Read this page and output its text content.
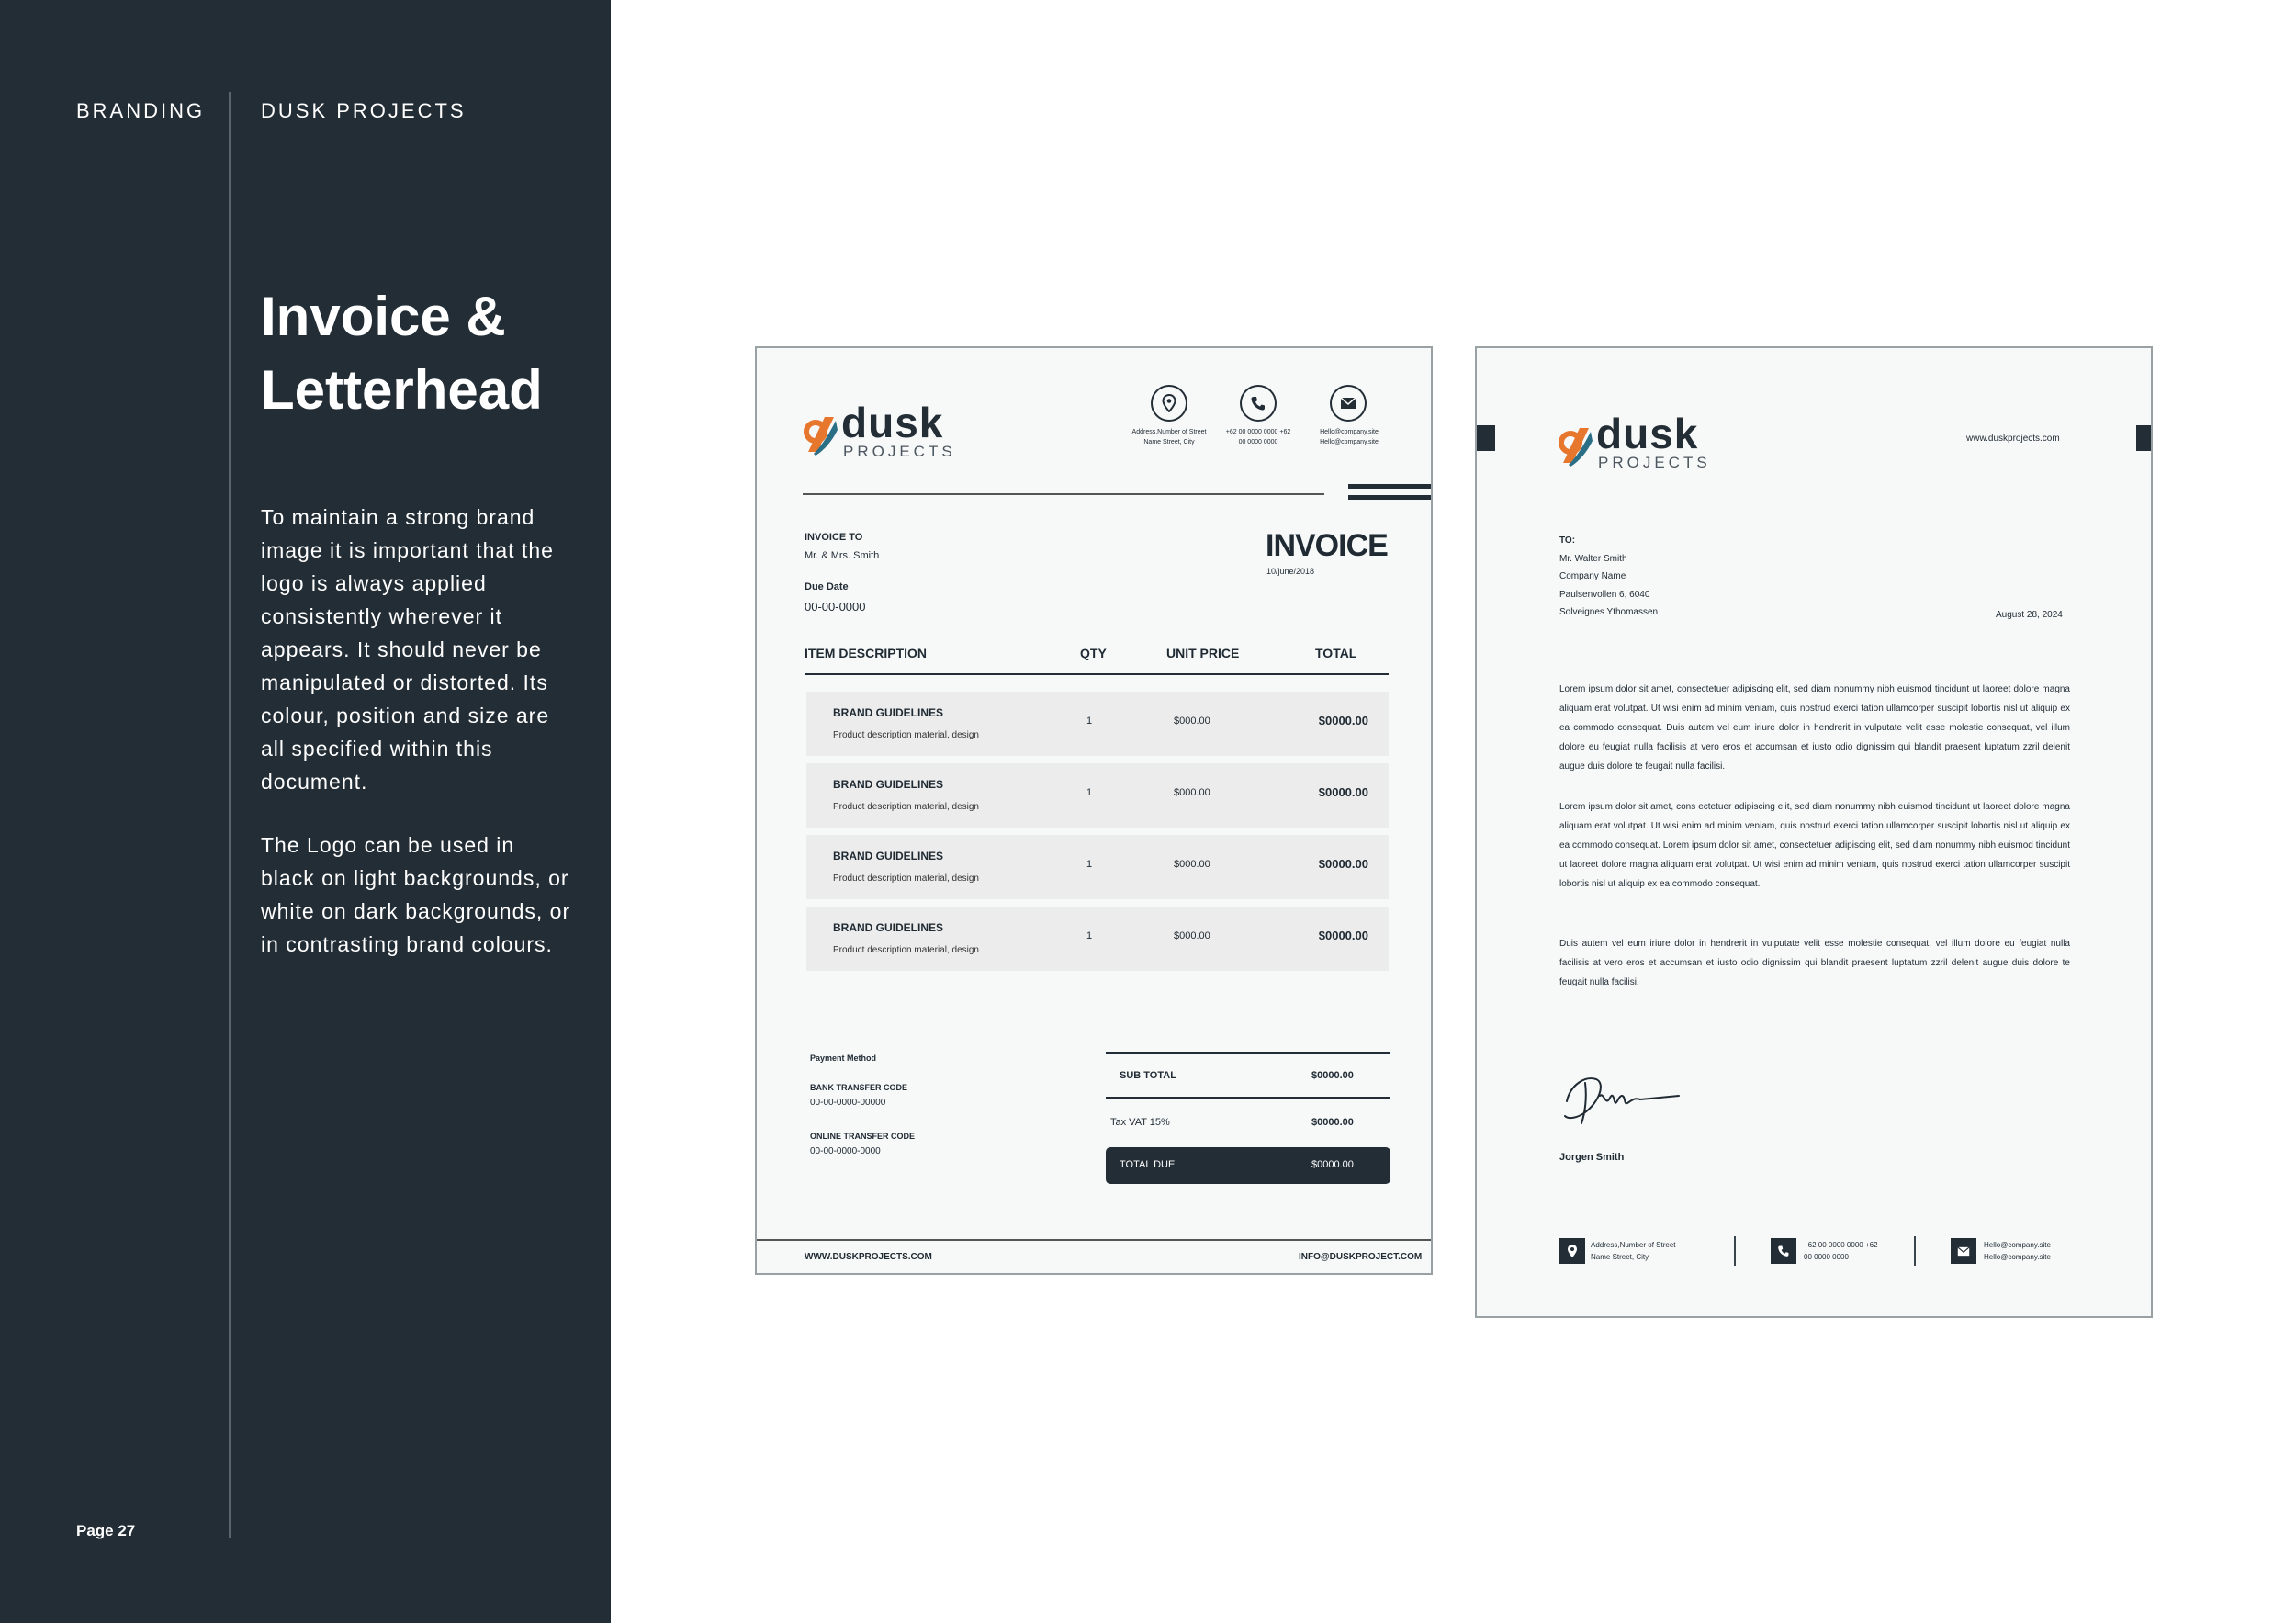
BRANDING	DUSK PROJECTS
Invoice &
Letterhead

To maintain a strong brand image it is important that the logo is always applied consistently wherever it appears. It should never be manipulated or distorted. Its colour, position and size are all specified within this document.

The Logo can be used in black on light backgrounds, or white on dark backgrounds, or in contrasting brand colours.

Page 27
dusk
PROJECTS
Address,Number of Street Name Street, City
+62 00 0000 0000 +62 00 0000 0000
Hello@company.site Hello@company.site
INVOICE TO
Mr. & Mrs. Smith
Due Date
00-00-0000
INVOICE
10/june/2018
ITEM DESCRIPTION	QTY	UNIT PRICE	TOTAL
BRAND GUIDELINES
Product description material, design
1	$000.00	$0000.00
BRAND GUIDELINES
Product description material, design
1	$000.00	$0000.00
BRAND GUIDELINES
Product description material, design
1	$000.00	$0000.00
BRAND GUIDELINES
Product description material, design
1	$000.00	$0000.00
Payment Method
BANK TRANSFER CODE
00-00-0000-00000
ONLINE TRANSFER CODE
00-00-0000-0000
SUB TOTAL	$0000.00
Tax VAT 15%	$0000.00
TOTAL DUE	$0000.00
WWW.DUSKPROJECTS.COM	INFO@DUSKPROJECT.COM
dusk
PROJECTS
www.duskprojects.com
TO:
Mr. Walter Smith
Company Name
Paulsenvollen 6, 6040
Solveignes Ythomassen	August 28, 2024

Lorem ipsum dolor sit amet, consectetuer adipiscing elit, sed diam nonummy nibh euismod tincidunt ut laoreet dolore magna aliquam erat volutpat. Ut wisi enim ad minim veniam, quis nostrud exerci tation ullamcorper suscipit lobortis nisl ut aliquip ex ea commodo consequat. Duis autem vel eum iriure dolor in hendrerit in vulputate velit esse molestie consequat, vel illum dolore eu feugiat nulla facilisis at vero eros et accumsan et iusto odio dignissim qui blandit praesent luptatum zzril delenit augue duis dolore te feugait nulla facilisi.

Lorem ipsum dolor sit amet, cons ectetuer adipiscing elit, sed diam nonummy nibh euismod tincidunt ut laoreet dolore magna aliquam erat volutpat. Ut wisi enim ad minim veniam, quis nostrud exerci tation ullamcorper suscipit lobortis nisl ut aliquip ex ea commodo consequat. Lorem ipsum dolor sit amet, consectetuer adipiscing elit, sed diam nonummy nibh euismod tincidunt ut laoreet dolore magna aliquam erat volutpat. Ut wisi enim ad minim veniam, quis nostrud exerci tation ullamcorper suscipit lobortis nisl ut aliquip ex ea commodo consequat.

Duis autem vel eum iriure dolor in hendrerit in vulputate velit esse molestie consequat, vel illum dolore eu feugiat nulla facilisis at vero eros et accumsan et iusto odio dignissim qui blandit praesent luptatum zzril delenit augue duis dolore te feugait nulla facilisi.

Jorgen Smith
Address,Number of Street Name Street, City
+62 00 0000 0000 +62 00 0000 0000
Hello@company.site Hello@company.site
